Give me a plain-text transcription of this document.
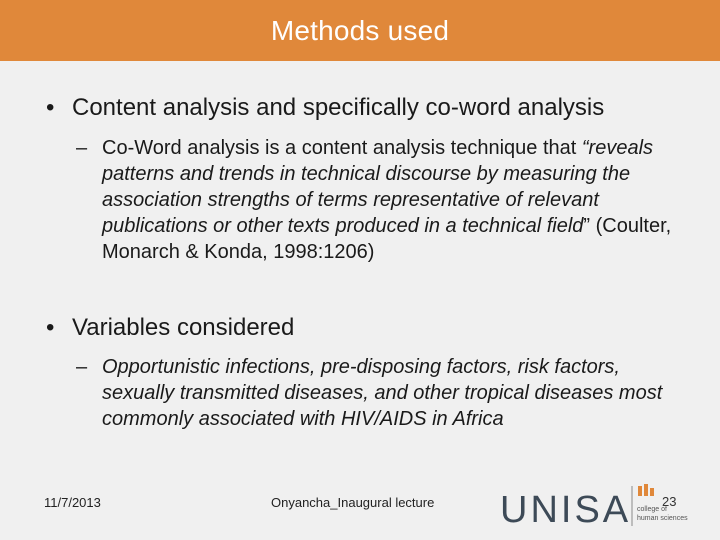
Methods used
• Content analysis and specifically co-word analysis
– Co-Word analysis is a content analysis technique that “reveals patterns and trends in technical discourse by measuring the association strengths of terms representative of relevant publications or other texts produced in a technical field” (Coulter, Monarch & Konda, 1998:1206)
• Variables considered
– Opportunistic infections, pre-disposing factors, risk factors, sexually transmitted diseases, and other tropical diseases most commonly associated with HIV/AIDS in Africa
11/7/2013	Onyancha_Inaugural lecture UNISA college of
human sciences
23
